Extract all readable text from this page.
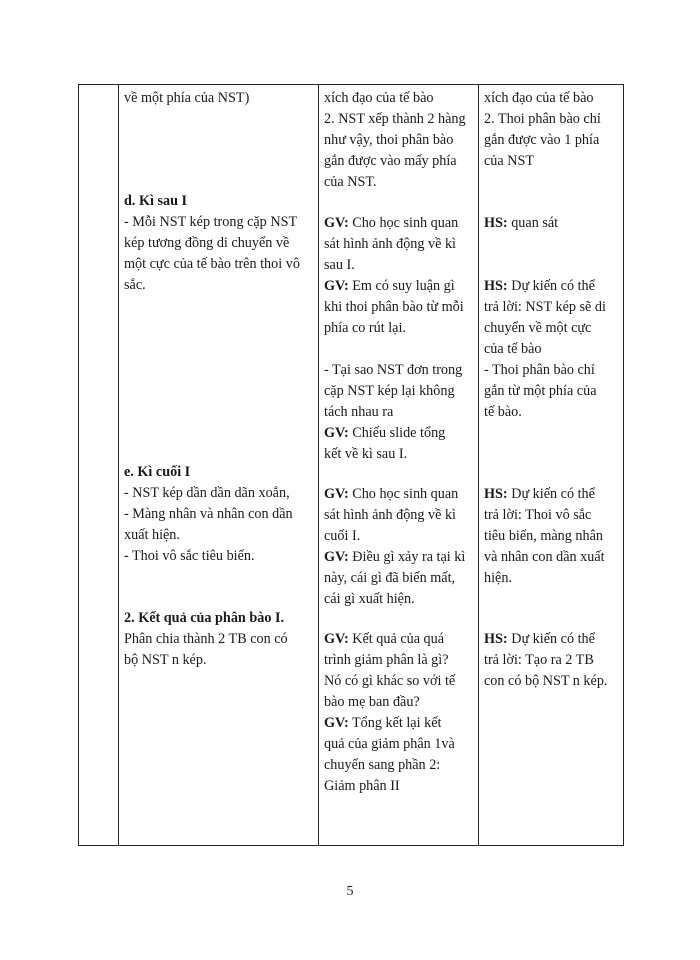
về một phía của NST)

d. Kì sau I

- Mỗi NST kép trong cặp NST

kép tương đồng di chuyển về

một cực của tế bào trên thoi vô

sắc.

e. Kì cuối I

- NST kép dần dần dãn xoắn,

- Màng nhân và nhân con dần

xuất hiện.

- Thoi vô sắc tiêu biến.

2. Kết quả của phân bào I.

Phân chia thành 2 TB con có

bộ NST n kép.

xích đạo của tế bào

2. NST xếp thành 2 hàng

như vậy, thoi phân bào

gắn được vào mấy phía

của NST.

GV: Cho học sinh quan

sát hình ảnh động về kì

sau I.

GV: Em có suy luận gì

khi thoi phân bào từ mỗi

phía co rút lại.

- Tại sao NST đơn trong

cặp NST kép lại không

tách nhau ra

GV: Chiếu slide tổng

kết về kì sau I.

GV: Cho học sinh quan

sát hình ảnh động về kì

cuối I.

GV: Điều gì xảy ra tại kì

này, cái gì đã biến mất,

cái gì xuất hiện.

GV: Kết quả của quá

trình giảm phân là gì?

Nó có gì khác so với tế

bào mẹ ban đầu?

GV: Tổng kết lại kết

quả của giảm phân 1và

chuyển sang phần 2:

Giảm phân II

xích đạo của tế bào

2. Thoi phân bào chỉ

gắn được vào 1 phía

của NST

HS: quan sát

HS: Dự kiến có thể

trả lời: NST kép sẽ di

chuyển về một cực

của tế bào

- Thoi phân bào chỉ

gắn từ một phía của

tế bào.

HS: Dự kiến có thể

trả lời: Thoi vô sắc

tiêu biến, màng nhân

và nhân con dần xuất

hiện.

HS: Dự kiến có thể

trả lời: Tạo ra 2 TB

con có bộ NST n kép.

5
